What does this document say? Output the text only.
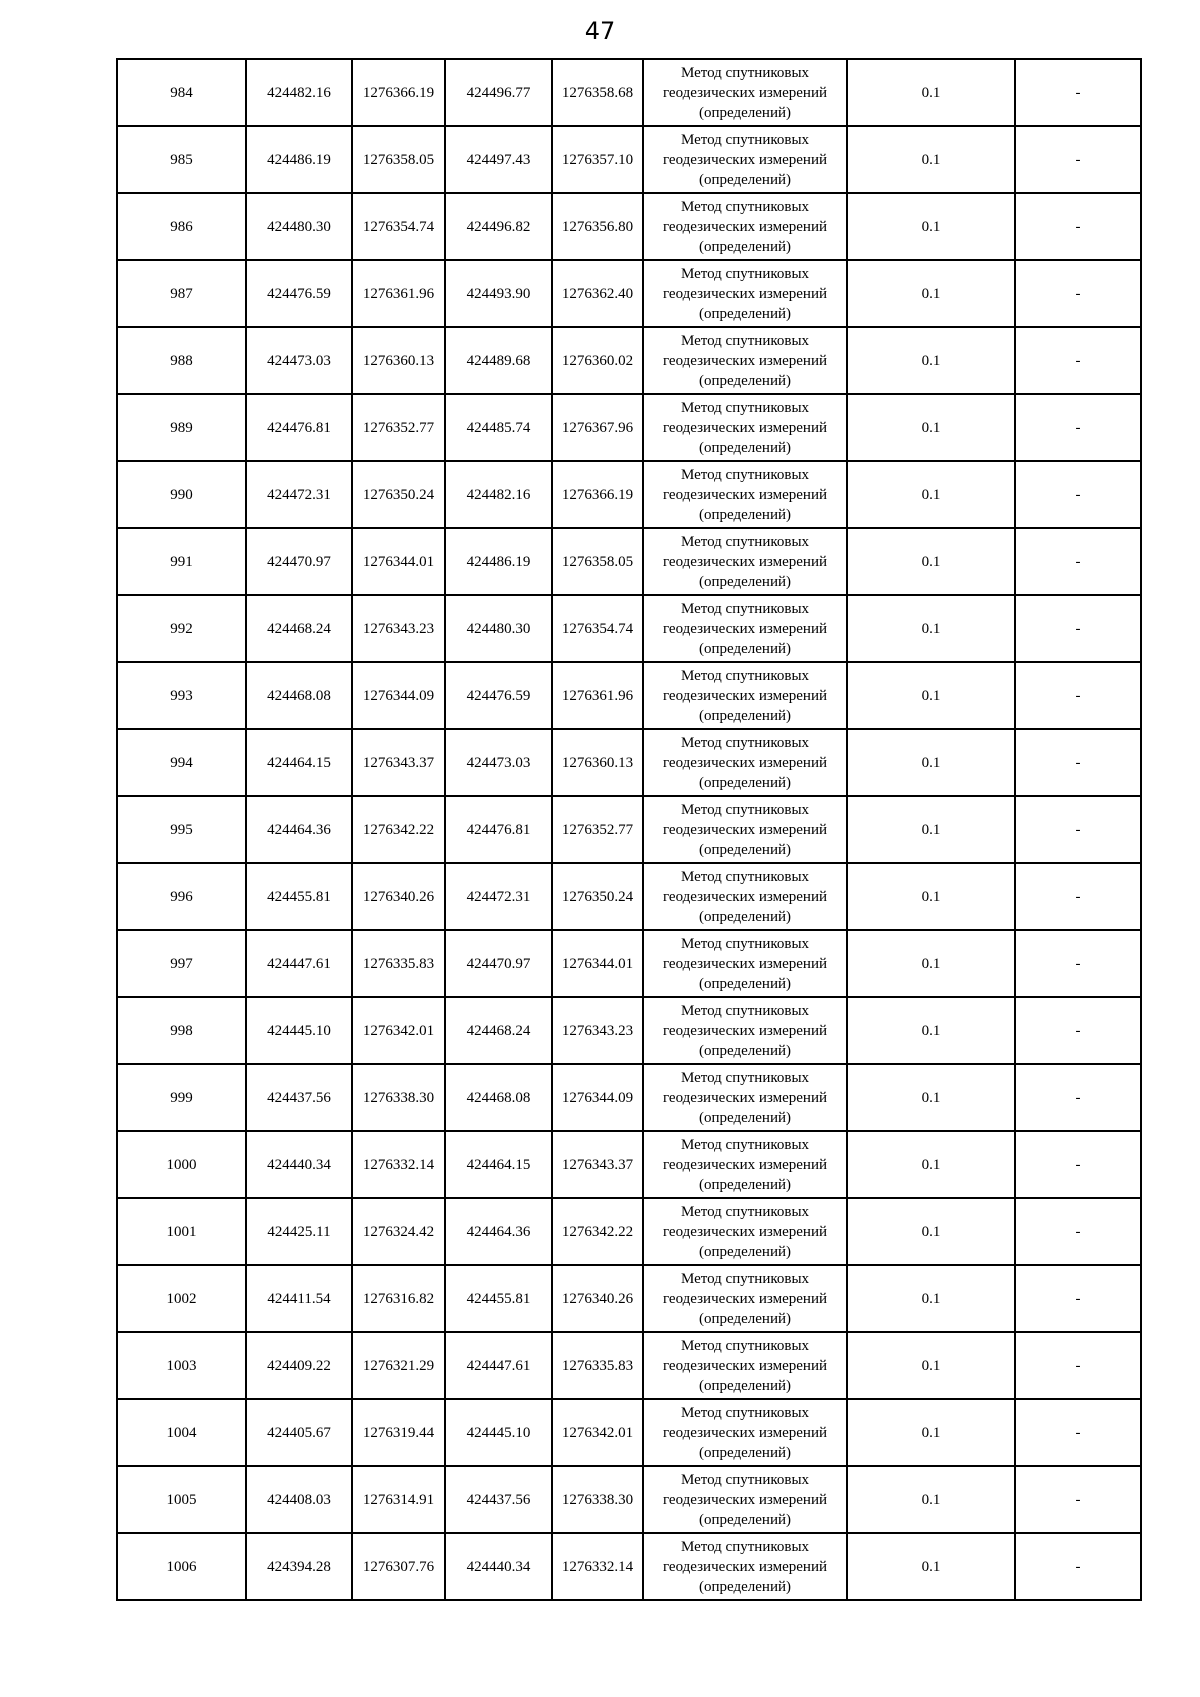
47
984	424482.16	1276366.19	424496.77	1276358.68	Метод спутниковых
геодезических измерений
(определений)	0.1	-
985	424486.19	1276358.05	424497.43	1276357.10	Метод спутниковых
геодезических измерений
(определений)	0.1	-
986	424480.30	1276354.74	424496.82	1276356.80	Метод спутниковых
геодезических измерений
(определений)	0.1	-
987	424476.59	1276361.96	424493.90	1276362.40	Метод спутниковых
геодезических измерений
(определений)	0.1	-
988	424473.03	1276360.13	424489.68	1276360.02	Метод спутниковых
геодезических измерений
(определений)	0.1	-
989	424476.81	1276352.77	424485.74	1276367.96	Метод спутниковых
геодезических измерений
(определений)	0.1	-
990	424472.31	1276350.24	424482.16	1276366.19	Метод спутниковых
геодезических измерений
(определений)	0.1	-
991	424470.97	1276344.01	424486.19	1276358.05	Метод спутниковых
геодезических измерений
(определений)	0.1	-
992	424468.24	1276343.23	424480.30	1276354.74	Метод спутниковых
геодезических измерений
(определений)	0.1	-
993	424468.08	1276344.09	424476.59	1276361.96	Метод спутниковых
геодезических измерений
(определений)	0.1	-
994	424464.15	1276343.37	424473.03	1276360.13	Метод спутниковых
геодезических измерений
(определений)	0.1	-
995	424464.36	1276342.22	424476.81	1276352.77	Метод спутниковых
геодезических измерений
(определений)	0.1	-
996	424455.81	1276340.26	424472.31	1276350.24	Метод спутниковых
геодезических измерений
(определений)	0.1	-
997	424447.61	1276335.83	424470.97	1276344.01	Метод спутниковых
геодезических измерений
(определений)	0.1	-
998	424445.10	1276342.01	424468.24	1276343.23	Метод спутниковых
геодезических измерений
(определений)	0.1	-
999	424437.56	1276338.30	424468.08	1276344.09	Метод спутниковых
геодезических измерений
(определений)	0.1	-
1000	424440.34	1276332.14	424464.15	1276343.37	Метод спутниковых
геодезических измерений
(определений)	0.1	-
1001	424425.11	1276324.42	424464.36	1276342.22	Метод спутниковых
геодезических измерений
(определений)	0.1	-
1002	424411.54	1276316.82	424455.81	1276340.26	Метод спутниковых
геодезических измерений
(определений)	0.1	-
1003	424409.22	1276321.29	424447.61	1276335.83	Метод спутниковых
геодезических измерений
(определений)	0.1	-
1004	424405.67	1276319.44	424445.10	1276342.01	Метод спутниковых
геодезических измерений
(определений)	0.1	-
1005	424408.03	1276314.91	424437.56	1276338.30	Метод спутниковых
геодезических измерений
(определений)	0.1	-
1006	424394.28	1276307.76	424440.34	1276332.14	Метод спутниковых
геодезических измерений
(определений)	0.1	-
